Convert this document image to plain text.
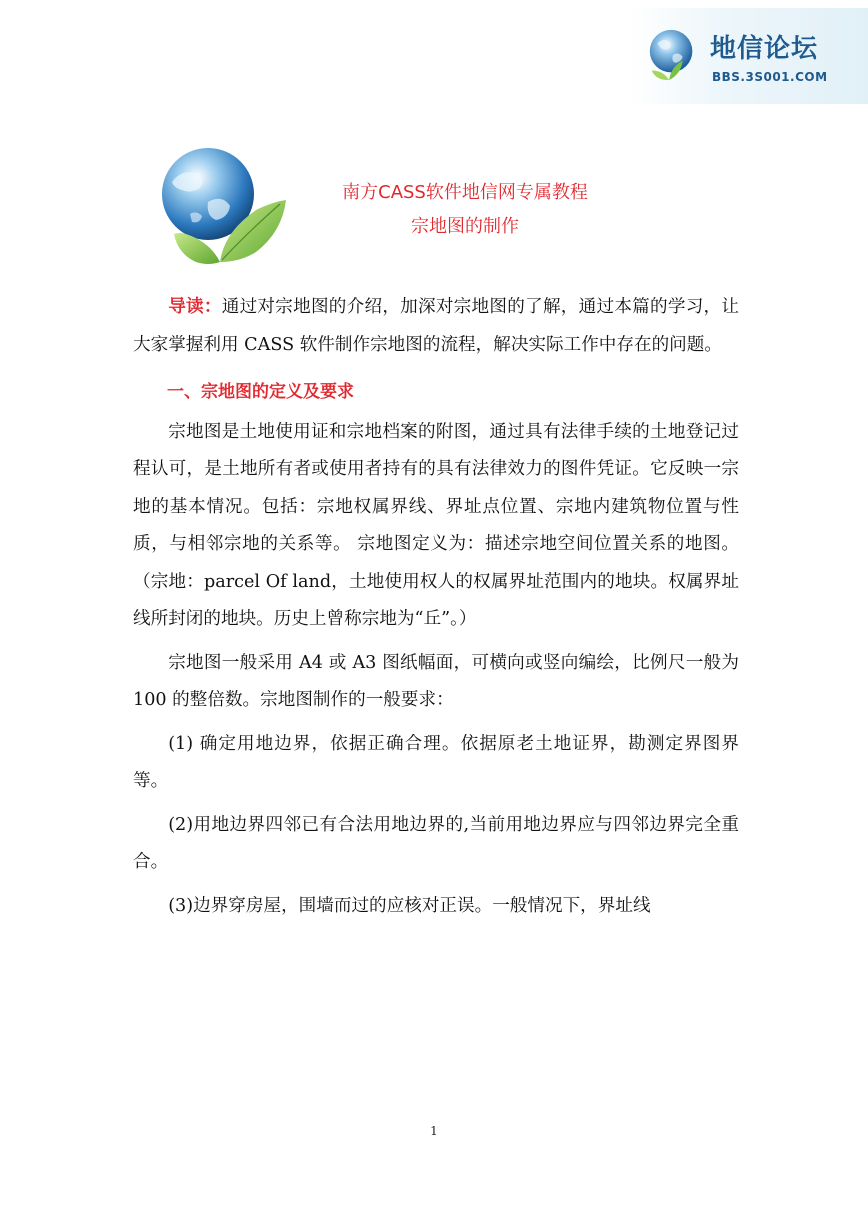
地信论坛
BBS.3S001.COM
南方CASS软件地信网专属教程
宗地图的制作

导读：通过对宗地图的介绍，加深对宗地图的了解，通过本篇的学习，让大家掌握利用 CASS 软件制作宗地图的流程，解决实际工作中存在的问题。

一、宗地图的定义及要求

宗地图是土地使用证和宗地档案的附图，通过具有法律手续的土地登记过程认可，是土地所有者或使用者持有的具有法律效力的图件凭证。它反映一宗地的基本情况。包括：宗地权属界线、界址点位置、宗地内建筑物位置与性质，与相邻宗地的关系等。 宗地图定义为：描述宗地空间位置关系的地图。（宗地：parcel Of land，土地使用权人的权属界址范围内的地块。权属界址线所封闭的地块。历史上曾称宗地为“丘”。）

宗地图一般采用 A4 或 A3 图纸幅面，可横向或竖向编绘，比例尺一般为 100 的整倍数。宗地图制作的一般要求：

(1) 确定用地边界，依据正确合理。依据原老土地证界，勘测定界图界等。

(2)用地边界四邻已有合法用地边界的,当前用地边界应与四邻边界完全重合。

(3)边界穿房屋，围墙而过的应核对正误。一般情况下，界址线

1
